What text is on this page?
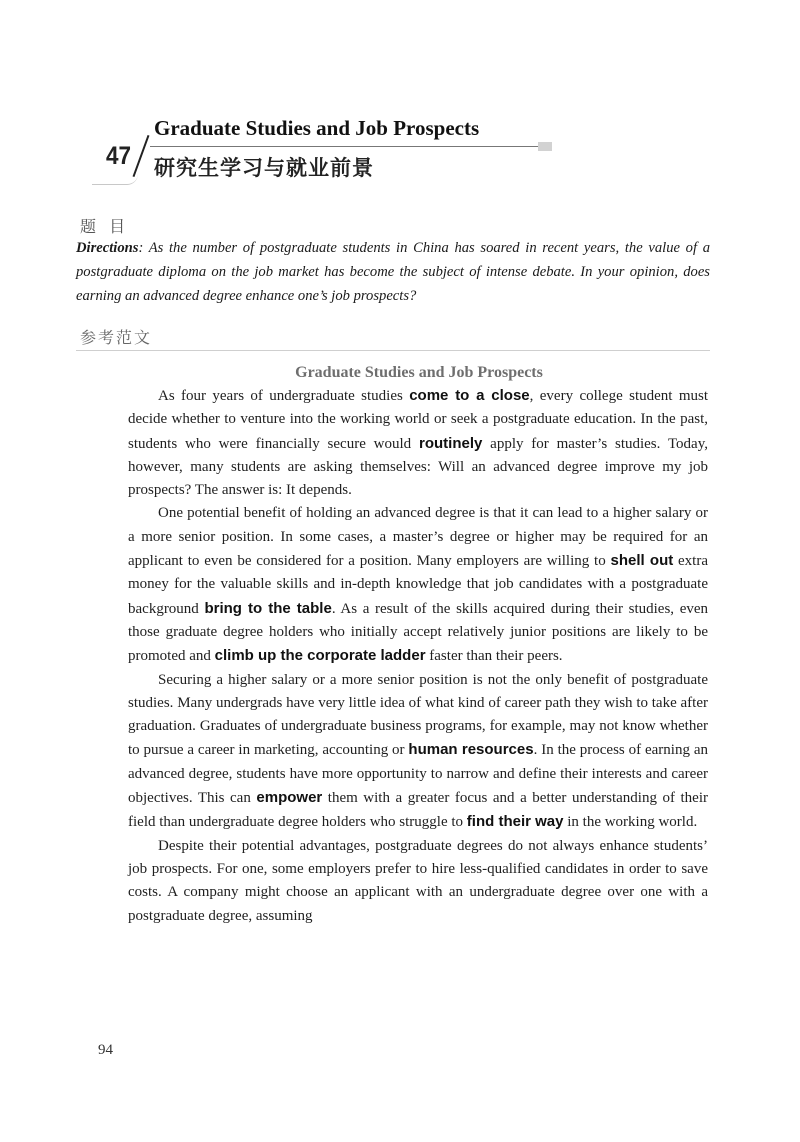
47
Graduate Studies and Job Prospects
研究生学习与就业前景
题 目
Directions: As the number of postgraduate students in China has soared in recent years, the value of a postgraduate diploma on the job market has become the subject of intense debate. In your opinion, does earning an advanced degree enhance one’s job prospects?
参考范文
Graduate Studies and Job Prospects

As four years of undergraduate studies come to a close, every college student must decide whether to venture into the working world or seek a postgraduate education. In the past, students who were financially secure would routinely apply for master’s studies. Today, however, many students are asking themselves: Will an advanced degree improve my job prospects? The answer is: It depends.

One potential benefit of holding an advanced degree is that it can lead to a higher salary or a more senior position. In some cases, a master’s degree or higher may be required for an applicant to even be considered for a position. Many employers are willing to shell out extra money for the valuable skills and in-depth knowledge that job candidates with a postgraduate background bring to the table. As a result of the skills acquired during their studies, even those graduate degree holders who initially accept relatively junior positions are likely to be promoted and climb up the corporate ladder faster than their peers.

Securing a higher salary or a more senior position is not the only benefit of postgraduate studies. Many undergrads have very little idea of what kind of career path they wish to take after graduation. Graduates of undergraduate business programs, for example, may not know whether to pursue a career in marketing, accounting or human resources. In the process of earning an advanced degree, students have more opportunity to narrow and define their interests and career objectives. This can empower them with a greater focus and a better understanding of their field than undergraduate degree holders who struggle to find their way in the working world.

Despite their potential advantages, postgraduate degrees do not always enhance students’ job prospects. For one, some employers prefer to hire less-qualified candidates in order to save costs. A company might choose an applicant with an undergraduate degree over one with a postgraduate degree, assuming

94
